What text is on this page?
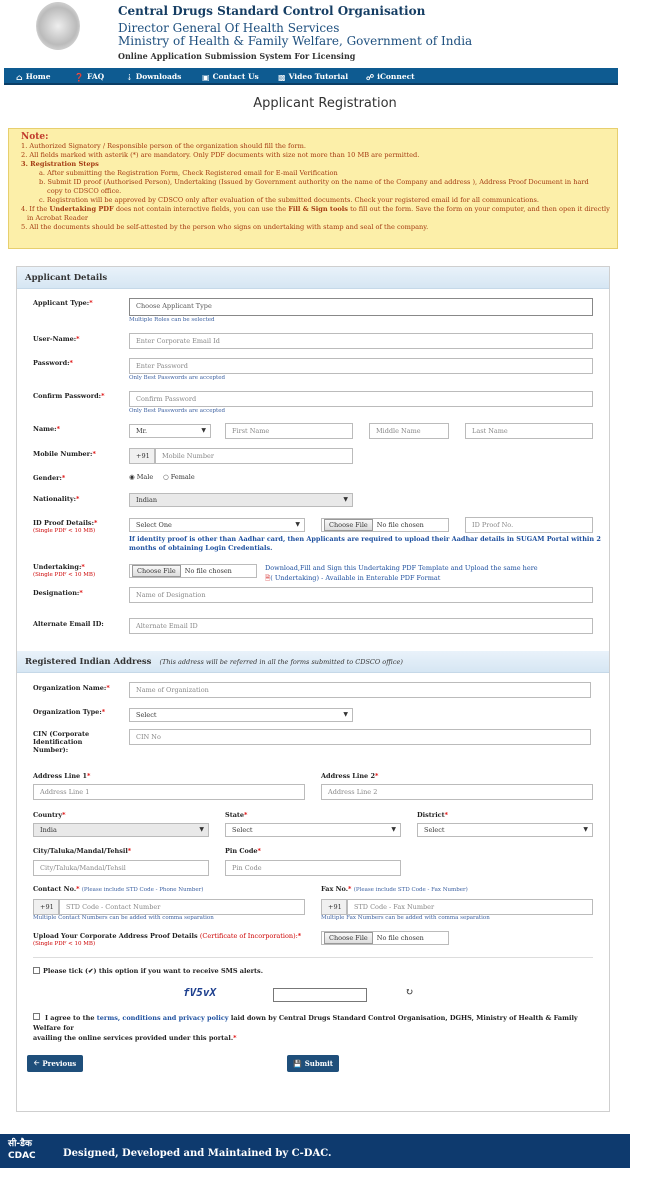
Central Drugs Standard Control Organisation
Director General Of Health Services
Ministry of Health & Family Welfare, Government of India
Online Application Submission System For Licensing
⌂ Home	❓ FAQ	⇣ Downloads	▣ Contact Us ▩ Video Tutorial ☍ iConnect
Applicant Registration
Note:
1. Authorized Signatory / Responsible person of the organization should fill the form.
2. All fields marked with asterik (*) are mandatory. Only PDF documents with size not more than 10 MB are permitted.
3. Registration Steps
a. After submitting the Registration Form, Check Registered email for E-mail Verification
b. Submit ID proof (Authorised Person), Undertaking (Issued by Government authority on the name of the Company and address ), Address Proof Document in hard
copy to CDSCO office.
c. Registration will be approved by CDSCO only after evaluation of the submitted documents. Check your registered email id for all communications.
4. If the Undertaking PDF does not contain interactive fields, you can use the Fill & Sign tools to fill out the form. Save the form on your computer, and then open it directly
in Acrobat Reader
5. All the documents should be self-attested by the person who signs on undertaking with stamp and seal of the company.
Applicant Details
Applicant Type:*	Choose Applicant Type
Multiple Roles can be selected
User-Name:*	Enter Corporate Email Id
Password:*	Enter Password
Only Best Passwords are accepted
Confirm Password:*	Confirm Password
Only Best Passwords are accepted
Name:*	Mr.	▼	First Name	Middle Name	Last Name
Mobile Number:*	+91	Mobile Number
Gender:*	◉ Male ○ Female
Nationality:*	Indian	▼
ID Proof Details:*
(Single PDF < 10 MB)
Select One	▼	Choose File	No file chosen	ID Proof No.
If identity proof is other than Aadhar card, then Applicants are required to upload their Aadhar details in SUGAM Portal within 2
months of obtaining Login Credentials.
Undertaking:*
(Single PDF < 10 MB)	Choose File	No file chosen	Download,Fill and Sign this Undertaking PDF Template and Upload the same here
🗎( Undertaking) - Available in Enterable PDF Format
Designation:*	Name of Designation
Alternate Email ID:	Alternate Email ID
Registered Indian Address (This address will be referred in all the forms submitted to CDSCO office)
Organization Name:*	Name of Organization
Organization Type:*	Select	▼
CIN (Corporate
Identification
Number):
CIN No
Address Line 1*
Address Line 1
Address Line 2*
Address Line 2
Country*
India	▼
State*
Select	▼
District*
Select	▼
City/Taluka/Mandal/Tehsil*
City/Taluka/Mandal/Tehsil
Pin Code*
Pin Code
Contact No.* (Please include STD Code - Phone Number)
+91	STD Code - Contact Number
Multiple Contact Numbers can be added with comma separation
Fax No.* (Please include STD Code - Fax Number)
+91	STD Code - Fax Number
Multiple Fax Numbers can be added with comma separation
Upload Your Corporate Address Proof Details (Certificate of Incorporation):*
(Single PDF < 10 MB)
Choose File	No file chosen
Please tick (✔) this option if you want to receive SMS alerts.
fV5vX	↻
I agree to the terms, conditions and privacy policy laid down by Central Drugs Standard Control Organisation, DGHS, Ministry of Health & Family Welfare for
availing the online services provided under this portal.*
🡠 Previous	💾 Submit
सी-डैक
CDAC	Designed, Developed and Maintained by C-DAC.
